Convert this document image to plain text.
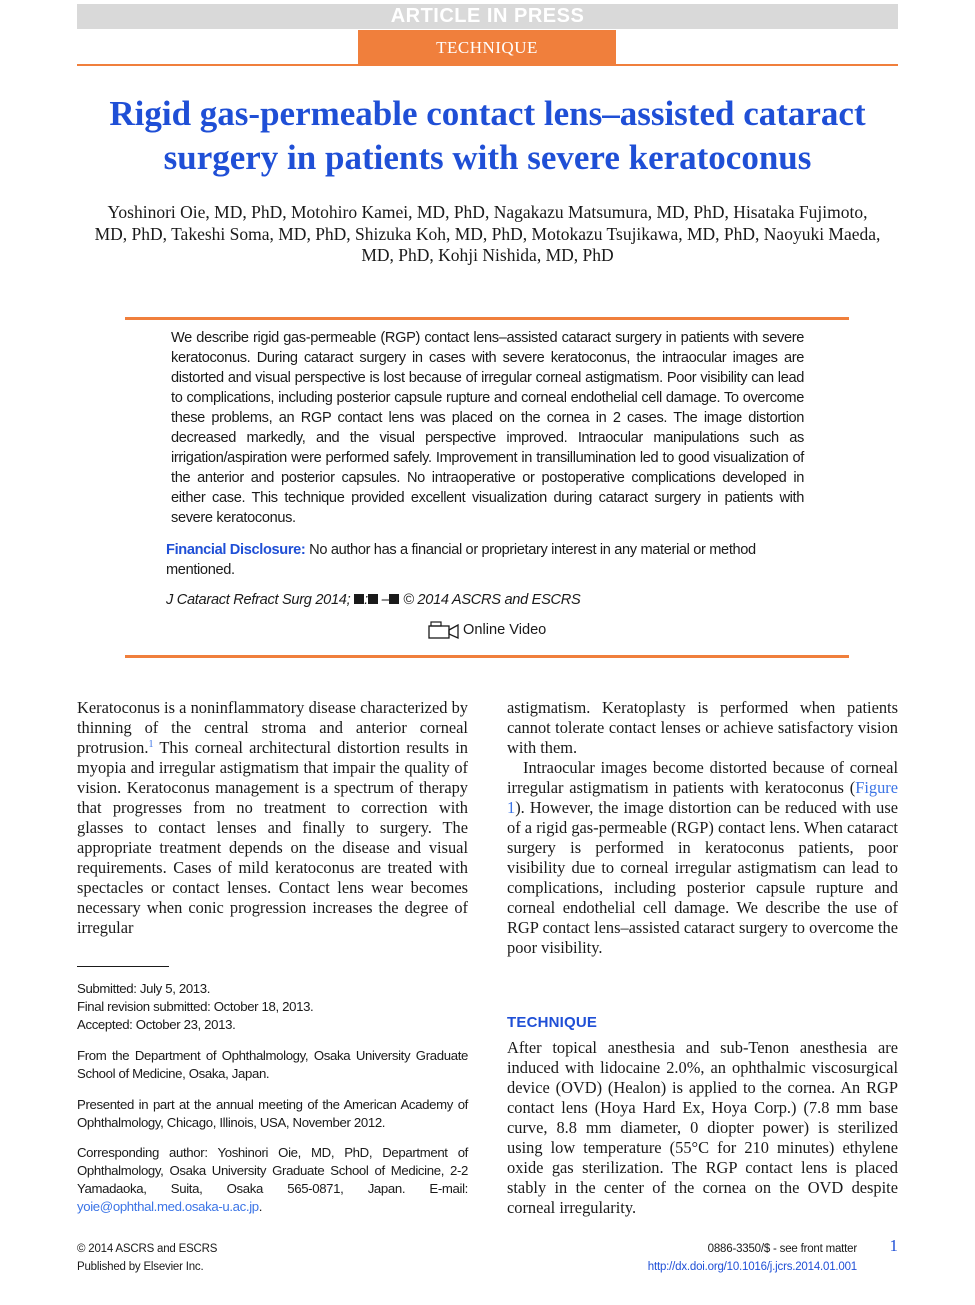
ARTICLE IN PRESS
TECHNIQUE
Rigid gas-permeable contact lens–assisted cataract surgery in patients with severe keratoconus
Yoshinori Oie, MD, PhD, Motohiro Kamei, MD, PhD, Nagakazu Matsumura, MD, PhD, Hisataka Fujimoto, MD, PhD, Takeshi Soma, MD, PhD, Shizuka Koh, MD, PhD, Motokazu Tsujikawa, MD, PhD, Naoyuki Maeda, MD, PhD, Kohji Nishida, MD, PhD
We describe rigid gas-permeable (RGP) contact lens–assisted cataract surgery in patients with severe keratoconus. During cataract surgery in cases with severe keratoconus, the intraocular images are distorted and visual perspective is lost because of irregular corneal astigmatism. Poor visibility can lead to complications, including posterior capsule rupture and corneal endothelial cell damage. To overcome these problems, an RGP contact lens was placed on the cornea in 2 cases. The image distortion decreased markedly, and the visual perspective improved. Intraocular manipulations such as irrigation/aspiration were performed safely. Improvement in transillumination led to good visualization of the anterior and posterior capsules. No intraoperative or postoperative complications developed in either case. This technique provided excellent visualization during cataract surgery in patients with severe keratoconus.
Financial Disclosure: No author has a financial or proprietary interest in any material or method mentioned.
J Cataract Refract Surg 2014; : – © 2014 ASCRS and ESCRS
Online Video

Keratoconus is a noninflammatory disease characterized by thinning of the central stroma and anterior corneal protrusion.$^1$ This corneal architectural distortion results in myopia and irregular astigmatism that impair the quality of vision. Keratoconus management is a spectrum of therapy that progresses from no treatment to correction with glasses to contact lenses and finally to surgery. The appropriate treatment depends on the disease and visual requirements. Cases of mild keratoconus are treated with spectacles or contact lenses. Contact lens wear becomes necessary when conic progression increases the degree of irregular

Submitted: July 5, 2013.
Final revision submitted: October 18, 2013.
Accepted: October 23, 2013.
From the Department of Ophthalmology, Osaka University Graduate School of Medicine, Osaka, Japan.
Presented in part at the annual meeting of the American Academy of Ophthalmology, Chicago, Illinois, USA, November 2012.
Corresponding author: Yoshinori Oie, MD, PhD, Department of Ophthalmology, Osaka University Graduate School of Medicine, 2-2 Yamadaoka, Suita, Osaka 565-0871, Japan. E-mail: yoie@ophthal.med.osaka-u.ac.jp.

astigmatism. Keratoplasty is performed when patients cannot tolerate contact lenses or achieve satisfactory vision with them.

Intraocular images become distorted because of corneal irregular astigmatism in patients with keratoconus (Figure 1). However, the image distortion can be reduced with use of a rigid gas-permeable (RGP) contact lens. When cataract surgery is performed in keratoconus patients, poor visibility due to corneal irregular astigmatism can lead to complications, including posterior capsule rupture and corneal endothelial cell damage. We describe the use of RGP contact lens–assisted cataract surgery to overcome the poor visibility.

TECHNIQUE

After topical anesthesia and sub-Tenon anesthesia are induced with lidocaine 2.0%, an ophthalmic viscosurgical device (OVD) (Healon) is applied to the cornea. An RGP contact lens (Hoya Hard Ex, Hoya Corp.) (7.8 mm base curve, 8.8 mm diameter, 0 diopter power) is sterilized using low temperature (55°C for 210 minutes) ethylene oxide gas sterilization. The RGP contact lens is placed stably in the center of the cornea on the OVD despite corneal irregularity.

© 2014 ASCRS and ESCRS
Published by Elsevier Inc.
0886-3350/$ - see front matter
http://dx.doi.org/10.1016/j.jcrs.2014.01.001
1
